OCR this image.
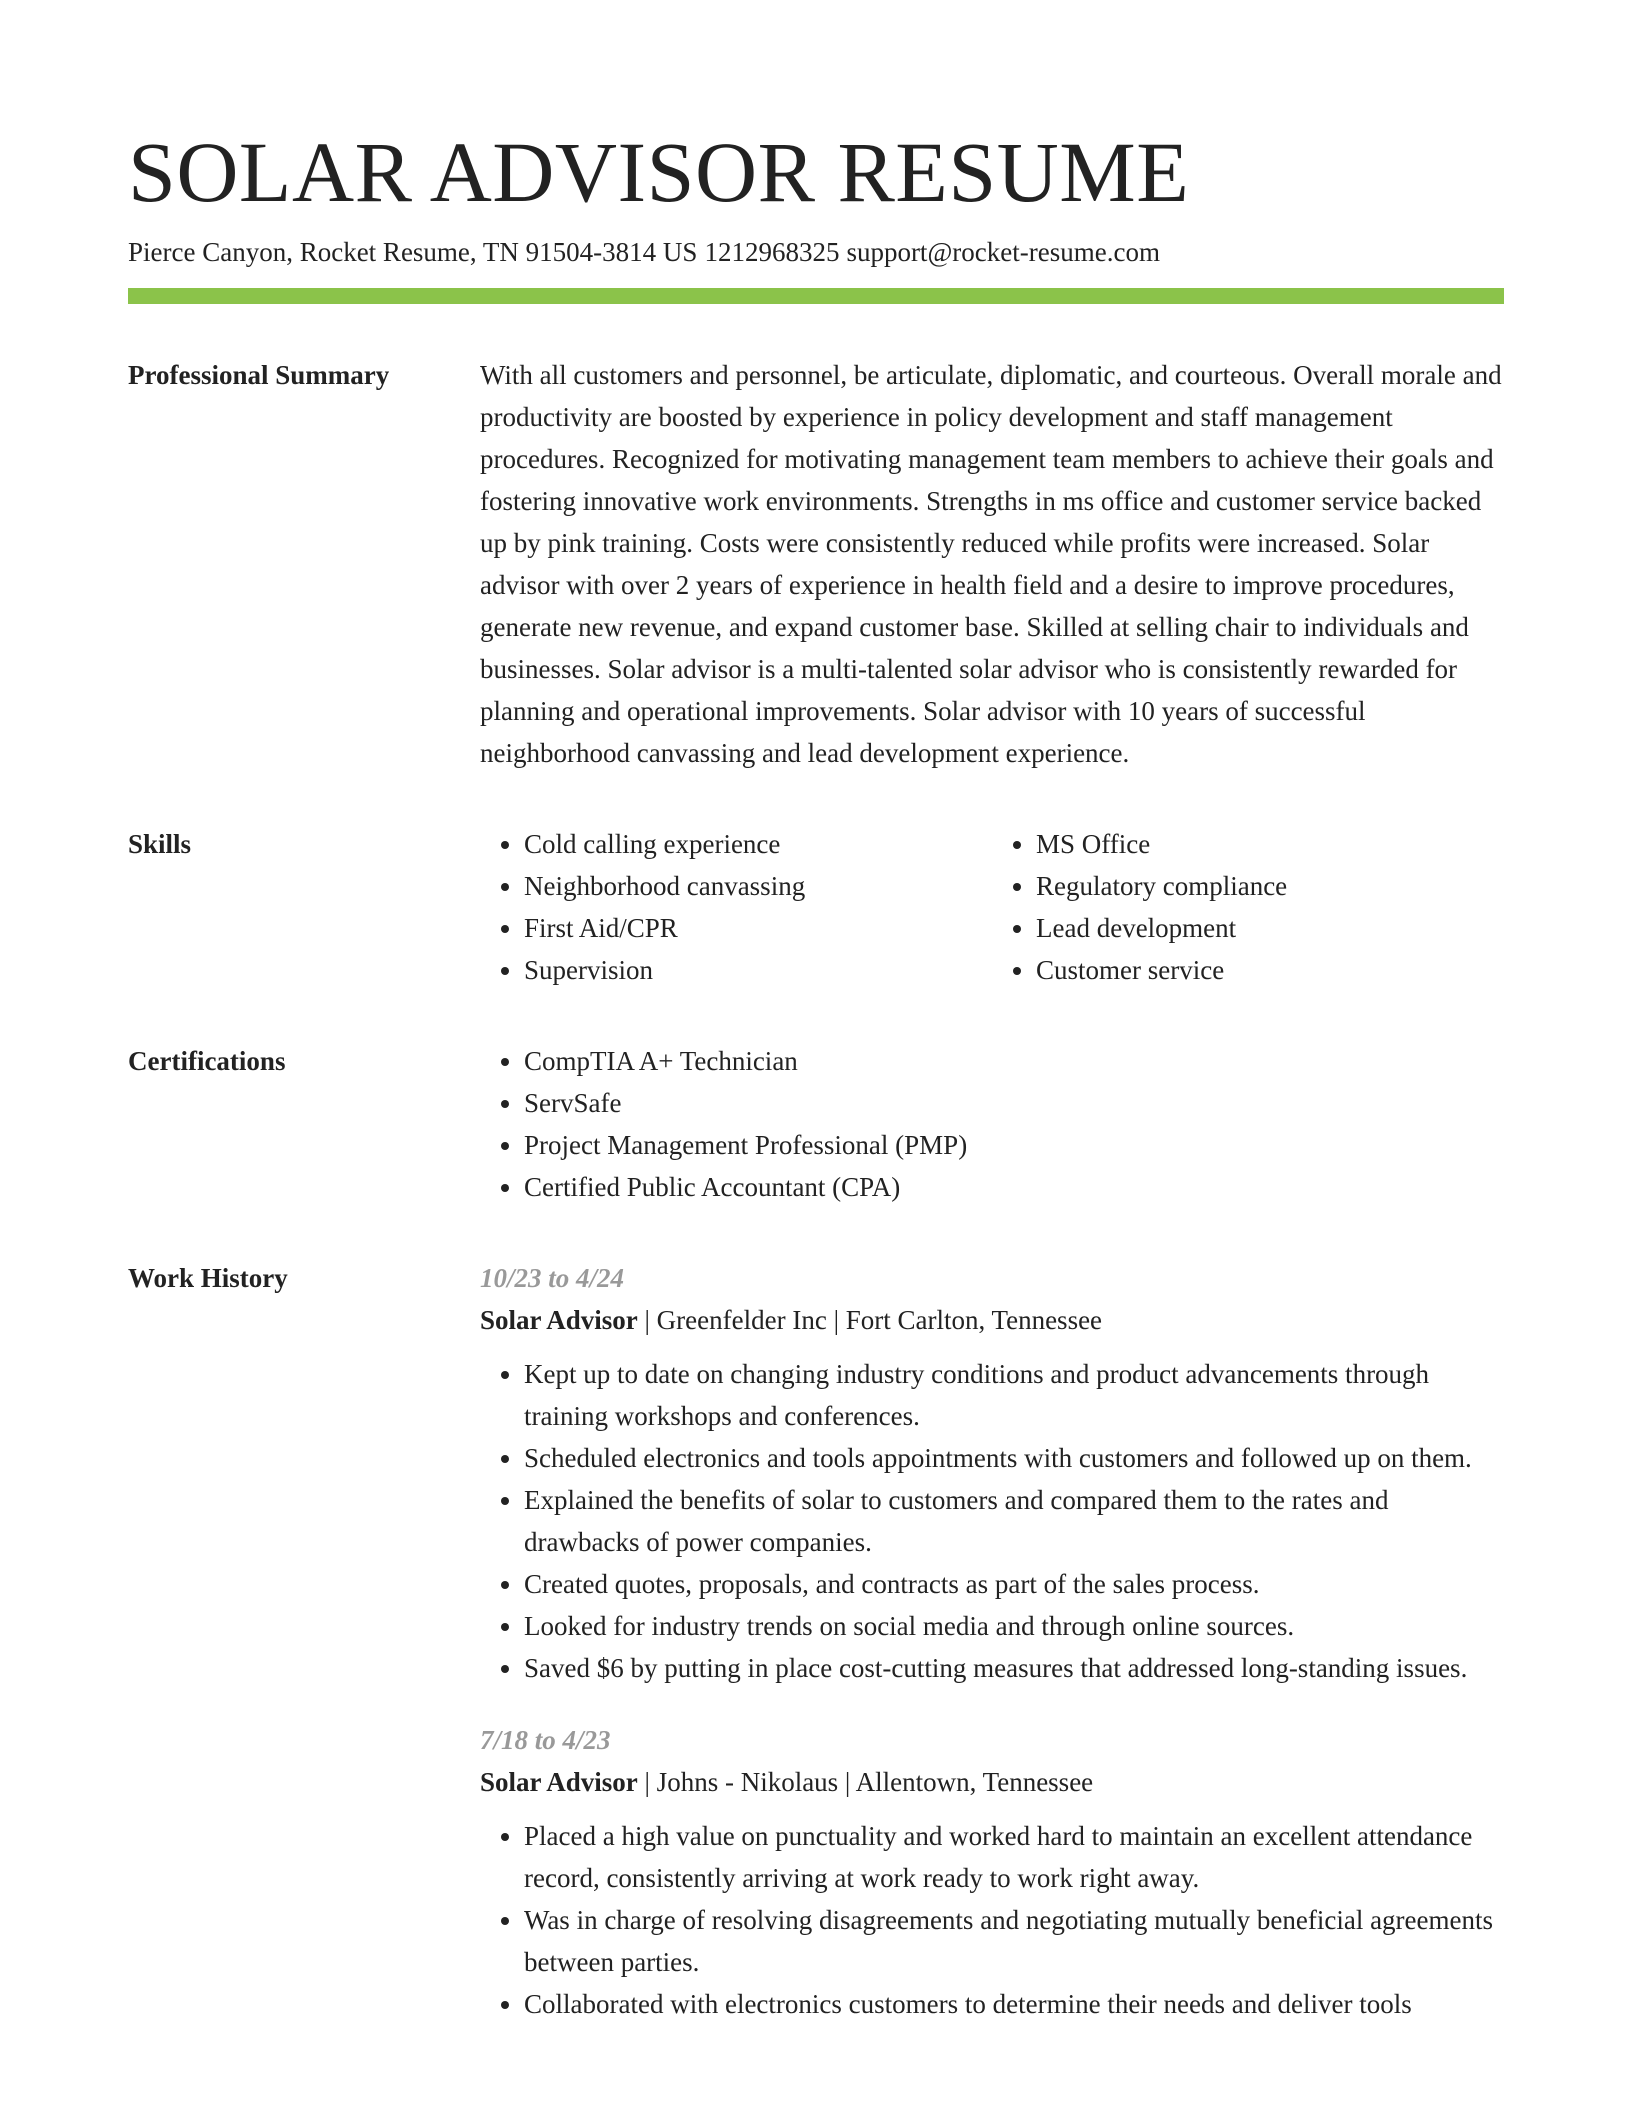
SOLAR ADVISOR RESUME
Pierce Canyon, Rocket Resume, TN 91504-3814 US 1212968325 support@rocket-resume.com
Professional Summary	With all customers and personnel, be articulate, diplomatic, and courteous. Overall morale and productivity are boosted by experience in policy development and staff management procedures. Recognized for motivating management team members to achieve their goals and fostering innovative work environments. Strengths in ms office and customer service backed up by pink training. Costs were consistently reduced while profits were increased. Solar advisor with over 2 years of experience in health field and a desire to improve procedures, generate new revenue, and expand customer base. Skilled at selling chair to individuals and businesses. Solar advisor is a multi-talented solar advisor who is consistently rewarded for planning and operational improvements. Solar advisor with 10 years of successful neighborhood canvassing and lead development experience.

Skills	• Cold calling experience
• Neighborhood canvassing
• First Aid/CPR
• Supervision
• MS Office
• Regulatory compliance
• Lead development
• Customer service
Certifications	• CompTIA A+ Technician
• ServSafe
• Project Management Professional (PMP)
• Certified Public Accountant (CPA)
Work History	10/23 to 4/24
Solar Advisor | Greenfelder Inc | Fort Carlton, Tennessee
• Kept up to date on changing industry conditions and product advancements through training workshops and conferences.
• Scheduled electronics and tools appointments with customers and followed up on them.
• Explained the benefits of solar to customers and compared them to the rates and drawbacks of power companies.
• Created quotes, proposals, and contracts as part of the sales process.
• Looked for industry trends on social media and through online sources.
• Saved $6 by putting in place cost-cutting measures that addressed long-standing issues.
7/18 to 4/23
Solar Advisor | Johns - Nikolaus | Allentown, Tennessee
• Placed a high value on punctuality and worked hard to maintain an excellent attendance record, consistently arriving at work ready to work right away.
• Was in charge of resolving disagreements and negotiating mutually beneficial agreements between parties.
• Collaborated with electronics customers to determine their needs and deliver tools
